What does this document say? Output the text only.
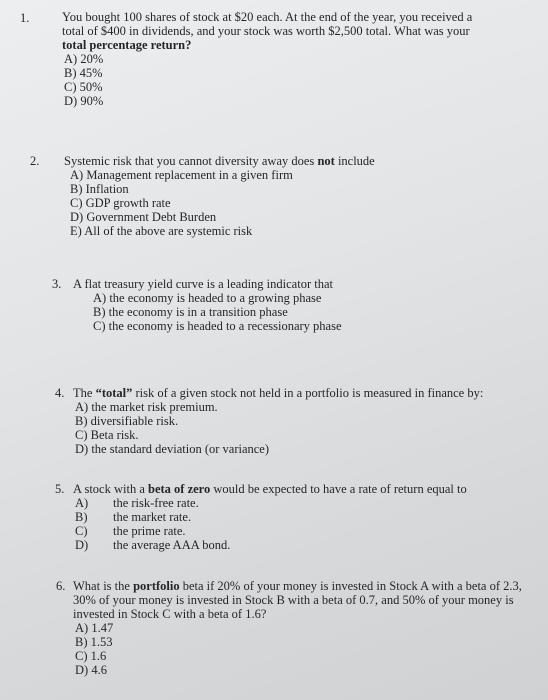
1.	You bought 100 shares of stock at $20 each. At the end of the year, you received a
total of $400 in dividends, and your stock was worth $2,500 total. What was your
total percentage return?
A) 20%
B) 45%
C) 50%
D) 90%
2. Systemic risk that you cannot diversity away does not include
A) Management replacement in a given firm
B) Inflation
C) GDP growth rate
D) Government Debt Burden
E) All of the above are systemic risk
3. A flat treasury yield curve is a leading indicator that
A) the economy is headed to a growing phase
B) the economy is in a transition phase
C) the economy is headed to a recessionary phase
4. The “total” risk of a given stock not held in a portfolio is measured in finance by:
A) the market risk premium.
B) diversifiable risk.
C) Beta risk.
D) the standard deviation (or variance)
5. A stock with a beta of zero would be expected to have a rate of return equal to
A) the risk-free rate.
B) the market rate.
C) the prime rate.
D) the average AAA bond.
6. What is the portfolio beta if 20% of your money is invested in Stock A with a beta of 2.3,
30% of your money is invested in Stock B with a beta of 0.7, and 50% of your money is
invested in Stock C with a beta of 1.6?
A) 1.47
B) 1.53
C) 1.6
D) 4.6
